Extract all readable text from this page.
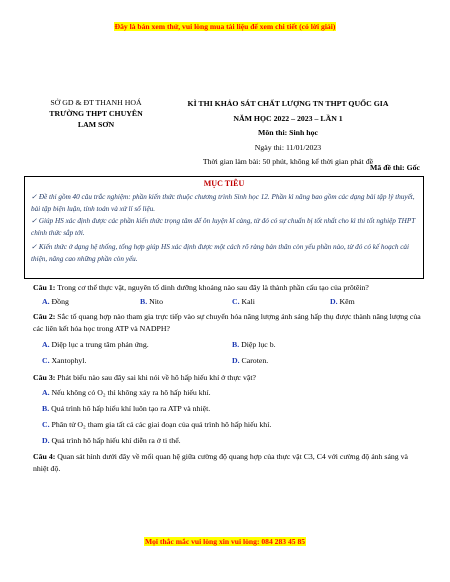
Đây là bản xem thử, vui lòng mua tài liệu để xem chi tiết (có lời giải)
SỞ GD & ĐT THANH HOÁ
TRƯỜNG THPT CHUYÊN
LAM SƠN
KÌ THI KHẢO SÁT CHẤT LƯỢNG TN THPT QUỐC GIA
NĂM HỌC 2022 – 2023 – LẦN 1
Môn thi: Sinh học
Ngày thi: 11/01/2023
Thời gian làm bài: 50 phút, không kể thời gian phát đề
Mã đề thi: Gốc
MỤC TIÊU
✓ Đề thi gồm 40 câu trắc nghiệm: phần kiến thức thuộc chương trình Sinh học 12. Phần kì năng bao gồm các dạng bài tập lý thuyết, bài tập biện luận, tính toán và xử lí số liệu.
✓ Giúp HS xác định được các phần kiến thức trọng tâm để ôn luyện kĩ càng, từ đó có sự chuẩn bị tốt nhất cho kì thi tốt nghiệp THPT chính thức sắp tới.
✓ Kiến thức ở dạng hệ thống, tổng hợp giúp HS xác định được một cách rõ ràng bản thân còn yếu phần nào, từ đó có kế hoạch cải thiện, nâng cao những phần còn yếu.
Câu 1: Trong cơ thể thực vật, nguyên tố dinh dưỡng khoáng nào sau đây là thành phần cấu tạo của prôtêin?
A. Đồng	B. Nito	C. Kali	D. Kẽm
Câu 2: Sắc tố quang hợp nào tham gia trực tiếp vào sự chuyển hóa năng lượng ánh sáng hấp thụ được thành năng lượng của các liên kết hóa học trong ATP và NADPH?
A. Diệp lục a trung tâm phản ứng.	B. Diệp lục b.
C. Xantophyl.	D. Caroten.
Câu 3: Phát biểu nào sau đây sai khi nói về hô hấp hiếu khí ở thực vật?
A. Nếu không có O₂ thì không xảy ra hô hấp hiếu khí.
B. Quá trình hô hấp hiếu khí luôn tạo ra ATP và nhiệt.
C. Phân tử O₂ tham gia tất cả các giai đoạn của quá trình hô hấp hiếu khí.
D. Quá trình hô hấp hiếu khí diễn ra ở ti thể.
Câu 4: Quan sát hình dưới đây về mối quan hệ giữa cường độ quang hợp của thực vật C3, C4 với cường độ ánh sáng và nhiệt độ.
Mọi thắc mắc vui lòng xin vui lòng: 084 283 45 85
